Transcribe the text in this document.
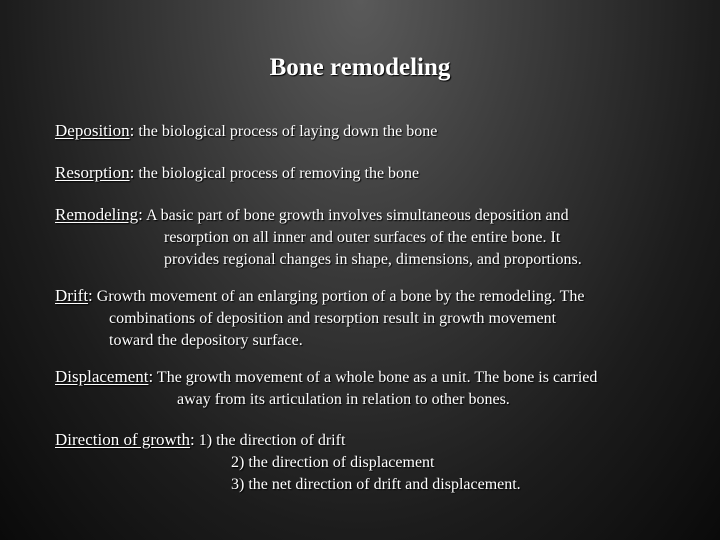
Bone remodeling
Deposition: the biological process of laying down the bone
Resorption: the biological process of removing the bone
Remodeling: A basic part of bone growth involves simultaneous deposition and
resorption on all inner and outer surfaces of the entire bone. It
provides regional changes in shape, dimensions, and proportions.
Drift: Growth movement of an enlarging portion of a bone by the remodeling. The
combinations of deposition and resorption result in growth movement
toward the depository surface.
Displacement: The growth movement of a whole bone as a unit. The bone is carried
away from its articulation in relation to other bones.
Direction of growth: 1) the direction of drift
2) the direction of displacement
3) the net direction of drift and displacement.
